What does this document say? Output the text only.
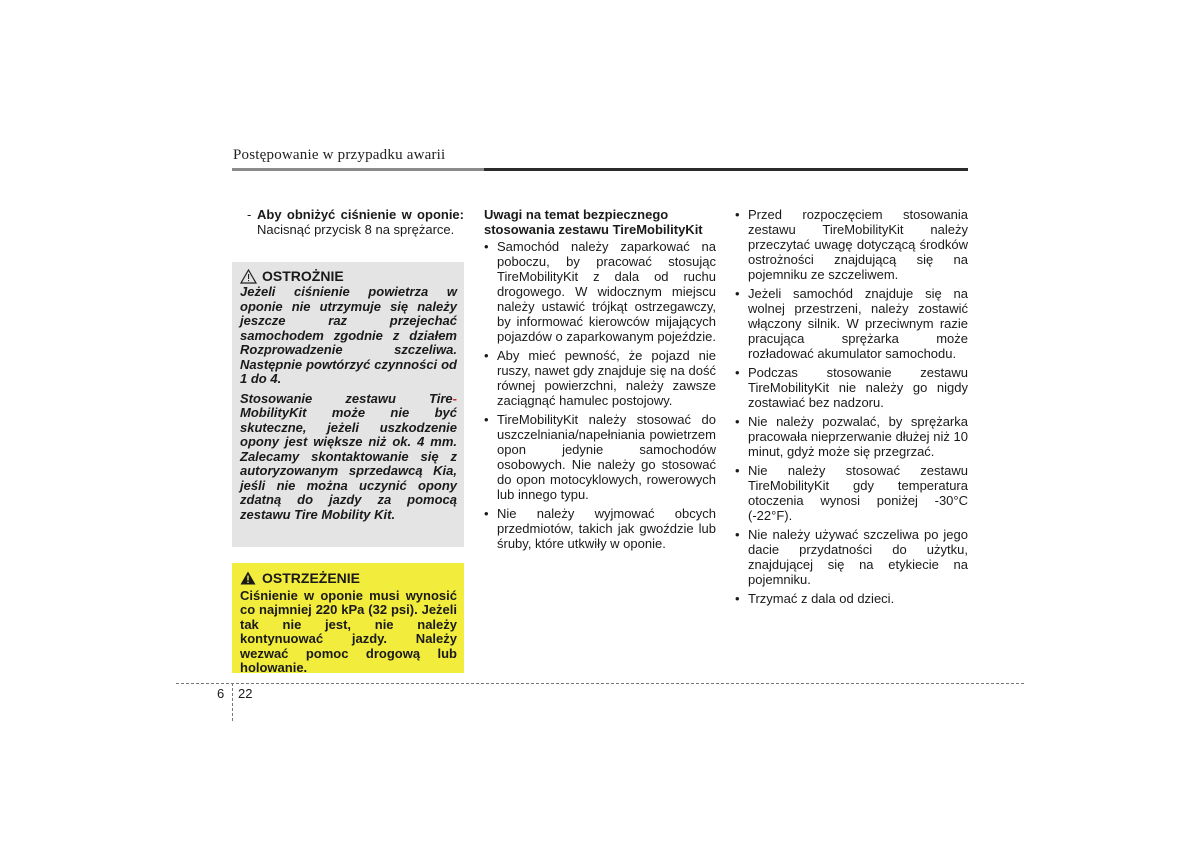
Postępowanie w przypadku awarii
- Aby obniżyć ciśnienie w oponie: Nacisnąć przycisk 8 na sprężarce.
OSTROŻNIE

Jeżeli ciśnienie powietrza w oponie nie utrzymuje się należy jeszcze raz przejechać samochodem zgodnie z działem Rozprowadzenie szczeliwa. Następnie powtórzyć czynności od 1 do 4.

Stosowanie zestawu Tire-MobilityKit może nie być skuteczne, jeżeli uszkodzenie opony jest większe niż ok. 4 mm. Zalecamy skontaktowanie się z autoryzowanym sprzedawcą Kia, jeśli nie można uczynić opony zdatną do jazdy za pomocą zestawu Tire Mobility Kit.

OSTRZEŻENIE

Ciśnienie w oponie musi wynosić co najmniej 220 kPa (32 psi). Jeżeli tak nie jest, nie należy kontynuować jazdy. Należy wezwać pomoc drogową lub holowanie.

Uwagi na temat bezpiecznego stosowania zestawu TireMobilityKit
• Samochód należy zaparkować na poboczu, by pracować stosując TireMobilityKit z dala od ruchu drogowego. W widocznym miejscu należy ustawić trójkąt ostrzegawczy, by informować kierowców mijających pojazdów o zaparkowanym pojeździe.
• Aby mieć pewność, że pojazd nie ruszy, nawet gdy znajduje się na dość równej powierzchni, należy zawsze zaciągnąć hamulec postojowy.
• TireMobilityKit należy stosować do uszczelniania/napełniania powietrzem opon jedynie samochodów osobowych. Nie należy go stosować do opon motocyklowych, rowerowych lub innego typu.
• Nie należy wyjmować obcych przedmiotów, takich jak gwoździe lub śruby, które utkwiły w oponie.
• Przed rozpoczęciem stosowania zestawu TireMobilityKit należy przeczytać uwagę dotyczącą środków ostrożności znajdującą się na pojemniku ze szczeliwem.
• Jeżeli samochód znajduje się na wolnej przestrzeni, należy zostawić włączony silnik. W przeciwnym razie pracująca sprężarka może rozładować akumulator samochodu.
• Podczas stosowanie zestawu TireMobilityKit nie należy go nigdy zostawiać bez nadzoru.
• Nie należy pozwalać, by sprężarka pracowała nieprzerwanie dłużej niż 10 minut, gdyż może się przegrzać.
• Nie należy stosować zestawu TireMobilityKit gdy temperatura otoczenia wynosi poniżej -30°C (-22°F).
• Nie należy używać szczeliwa po jego dacie przydatności do użytku, znajdującej się na etykiecie na pojemniku.
• Trzymać z dala od dzieci.
6 22
